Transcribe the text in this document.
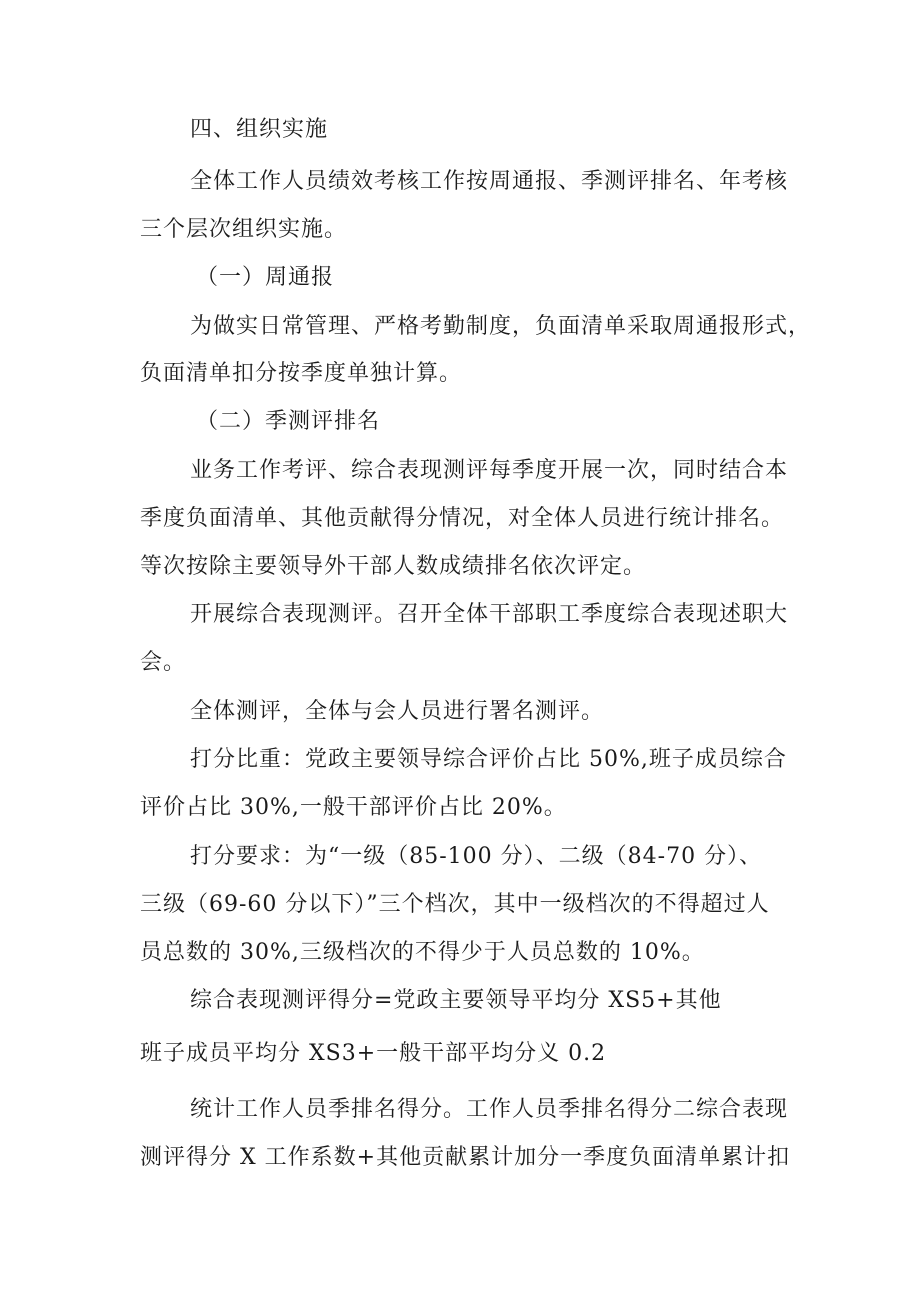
四、组织实施
全体工作人员绩效考核工作按周通报、季测评排名、年考核
三个层次组织实施。
（一）周通报
为做实日常管理、严格考勤制度，负面清单采取周通报形式，
负面清单扣分按季度单独计算。
（二）季测评排名
业务工作考评、综合表现测评每季度开展一次，同时结合本
季度负面清单、其他贡献得分情况，对全体人员进行统计排名。
等次按除主要领导外干部人数成绩排名依次评定。
开展综合表现测评。召开全体干部职工季度综合表现述职大
会。
全体测评，全体与会人员进行署名测评。
打分比重：党政主要领导综合评价占比 50%,班子成员综合
评价占比 30%,一般干部评价占比 20%。
打分要求：为“一级（85-100 分）、二级（84-70 分）、
三级（69-60 分以下）”三个档次，其中一级档次的不得超过人
员总数的 30%,三级档次的不得少于人员总数的 10%。
综合表现测评得分=党政主要领导平均分 XS5+其他
班子成员平均分 XS3+一般干部平均分义 0.2
统计工作人员季排名得分。工作人员季排名得分二综合表现
测评得分 X 工作系数+其他贡献累计加分一季度负面清单累计扣
